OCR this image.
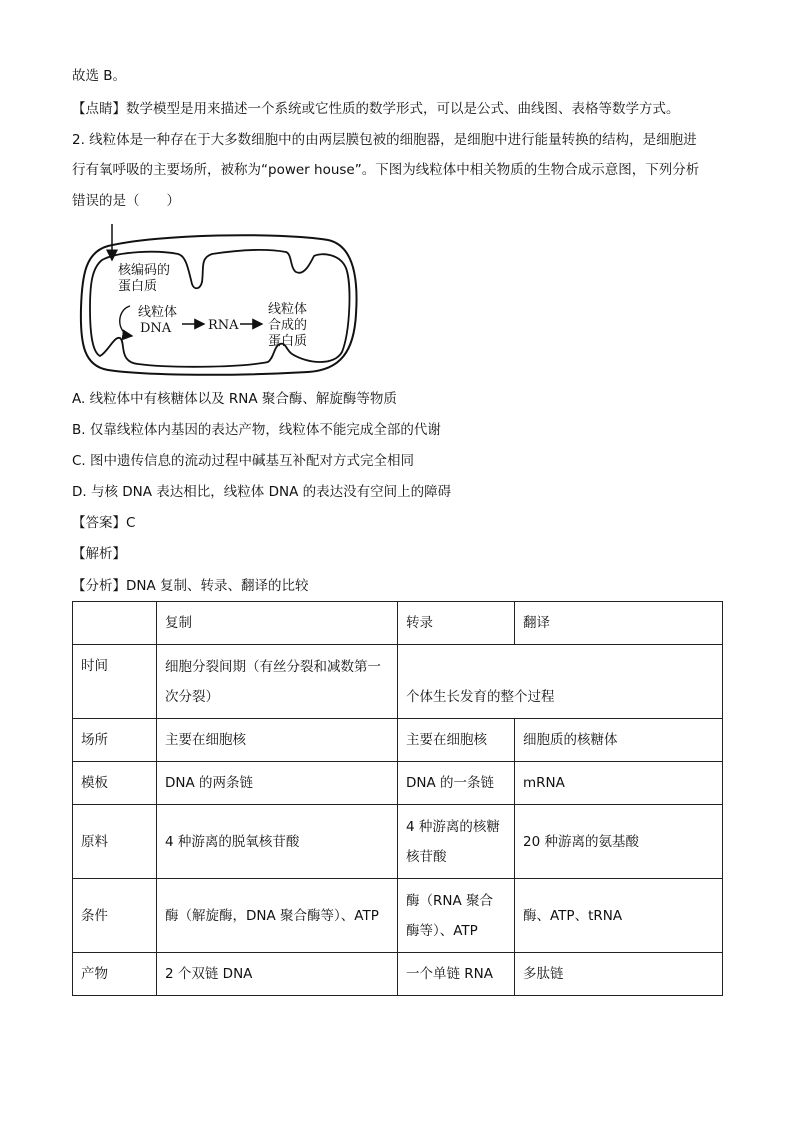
故选 B。
【点睛】数学模型是用来描述一个系统或它性质的数学形式，可以是公式、曲线图、表格等数学方式。
2. 线粒体是一种存在于大多数细胞中的由两层膜包被的细胞器，是细胞中进行能量转换的结构，是细胞进
行有氧呼吸的主要场所，被称为“power house”。下图为线粒体中相关物质的生物合成示意图，下列分析
错误的是（　　）
核编码的
蛋白质
线粒体
DNA	RNA
线粒体
合成的
蛋白质
A. 线粒体中有核糖体以及 RNA 聚合酶、解旋酶等物质
B. 仅靠线粒体内基因的表达产物，线粒体不能完成全部的代谢
C. 图中遗传信息的流动过程中碱基互补配对方式完全相同
D. 与核 DNA 表达相比，线粒体 DNA 的表达没有空间上的障碍
【答案】C
【解析】
【分析】DNA 复制、转录、翻译的比较
	复制	转录	翻译
时间	细胞分裂间期（有丝分裂和减数第一次分裂）	个体生长发育的整个过程	
场所	主要在细胞核	主要在细胞核	细胞质的核糖体
模板	DNA 的两条链	DNA 的一条链	mRNA
原料	4 种游离的脱氧核苷酸	4 种游离的核糖核苷酸	20 种游离的氨基酸
条件	酶（解旋酶，DNA 聚合酶等）、ATP	酶（RNA 聚合酶等）、ATP	酶、ATP、tRNA
产物	2 个双链 DNA	一个单链 RNA	多肽链
